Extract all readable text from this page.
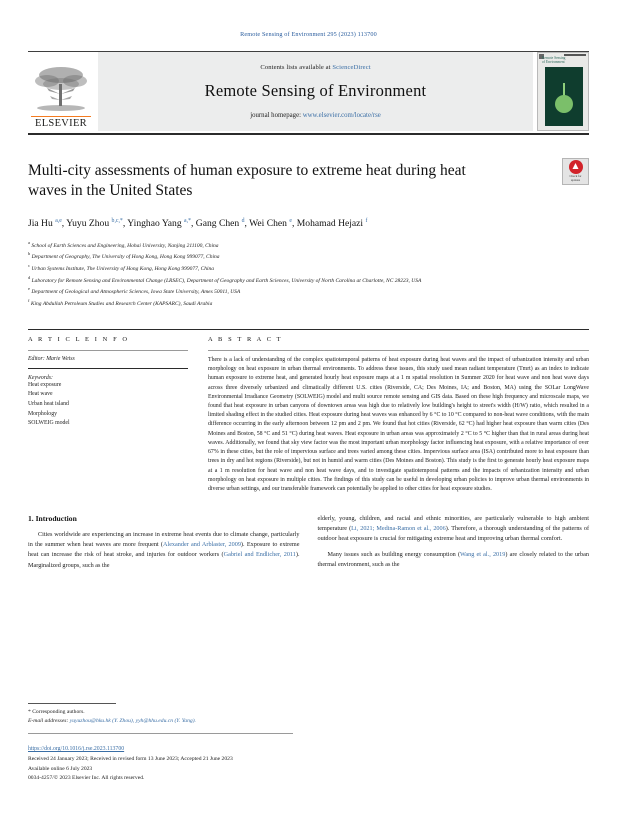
Remote Sensing of Environment 295 (2023) 113700
ELSEVIER
Contents lists available at ScienceDirect
Remote Sensing of Environment
journal homepage: www.elsevier.com/locate/rse
Remote Sensing
of Environment
Multi-city assessments of human exposure to extreme heat during heat waves in the United States
Check for
updates
Jia Hu $^{a,e}$, Yuyu Zhou $^{b,c,*}$, Yinghao Yang $^{a,*}$, Gang Chen $^d$, Wei Chen $^e$, Mohamad Hejazi $^f$
$^a$ School of Earth Sciences and Engineering, Hohai University, Nanjing 211100, China
$^b$ Department of Geography, The University of Hong Kong, Hong Kong 999077, China
$^c$ Urban Systems Institute, The University of Hong Kong, Hong Kong 999077, China
$^d$ Laboratory for Remote Sensing and Environmental Change (LRSEC), Department of Geography and Earth Sciences, University of North Carolina at Charlotte, NC 28223, USA
$^e$ Department of Geological and Atmospheric Sciences, Iowa State University, Ames 50011, USA
$^f$ King Abdullah Petroleum Studies and Research Center (KAPSARC), Saudi Arabia
A R T I C L E I N F O
Editor: Marie Weiss
Keywords:
Heat exposure
Heat wave
Urban heat island
Morphology
SOLWEIG model
A B S T R A C T
There is a lack of understanding of the complex spatiotemporal patterns of heat exposure during heat waves and the impact of urbanization intensity and urban morphology on heat exposure in urban thermal environments. To address these issues, this study used mean radiant temperature (Tmrt) as an index to indicate human exposure to extreme heat, and generated hourly heat exposure maps at a 1 m spatial resolution in Summer 2020 for heat wave and non heat wave days across three diversely urbanized and climatically different U.S. cities (Riverside, CA; Des Moines, IA; and Boston, MA) using the SOLar LongWave Environmental Irradiance Geometry (SOLWEIG) model and multi source remote sensing and GIS data. Based on these high frequency and microscale maps, we found that heat exposure in urban canyons of downtown areas was high due to relatively low building's height to street's width (H/W) ratio, which resulted in a limited shading effect in the studied cities. Heat exposure during heat waves was enhanced by 6 °C to 10 °C compared to non-heat wave conditions, with the main difference occurring in the early afternoon between 12 pm and 2 pm. We found that hot cities (Riverside, 62 °C) had higher heat exposure than warm cities (Des Moines and Boston, 58 °C and 51 °C) during heat waves. Heat exposure in urban areas was approximately 2 °C to 5 °C higher than that in rural areas during heat waves. Additionally, we found that sky view factor was the most important urban morphology factor influencing heat exposure, with a relative importance of over 67% in these cities, but the role of impervious surface and trees varied among these cities. Impervious surface area (ISA) contributed more to heat exposure than trees in dry and hot regions (Riverside), but not in humid and warm cities (Des Moines and Boston). This study is the first to generate hourly heat exposure maps at a 1 m resolution for heat wave and non heat wave days, and to investigate spatiotemporal patterns and the impacts of urbanization intensity and urban morphology on heat exposure in multiple cities. The findings of this study can be useful in developing urban policies to improve urban thermal environments in diverse urban settings, and our transferable framework can potentially be applied to other cities for heat exposure studies.
1. Introduction

Cities worldwide are experiencing an increase in extreme heat events due to climate change, particularly in the summer when heat waves are more frequent (Alexander and Arblaster, 2009). Exposure to extreme heat can increase the risk of heat stroke, and injuries for outdoor workers (Gabriel and Endlicher, 2011). Marginalized groups, such as the

elderly, young, children, and racial and ethnic minorities, are particularly vulnerable to high ambient temperature (Li, 2021; Medina-Ramon et al., 2006). Therefore, a thorough understanding of the patterns of outdoor heat exposure is crucial for mitigating extreme heat and improving urban thermal comfort.

Many issues such as building energy consumption (Wang et al., 2019) are closely related to the urban thermal environment, such as the

* Corresponding authors.
E-mail addresses: yuyuzhou@hku.hk (Y. Zhou), yyh@hhu.edu.cn (Y. Yang).
https://doi.org/10.1016/j.rse.2023.113700
Received 24 January 2023; Received in revised form 13 June 2023; Accepted 21 June 2023
Available online 6 July 2023
0034-4257/© 2023 Elsevier Inc. All rights reserved.
